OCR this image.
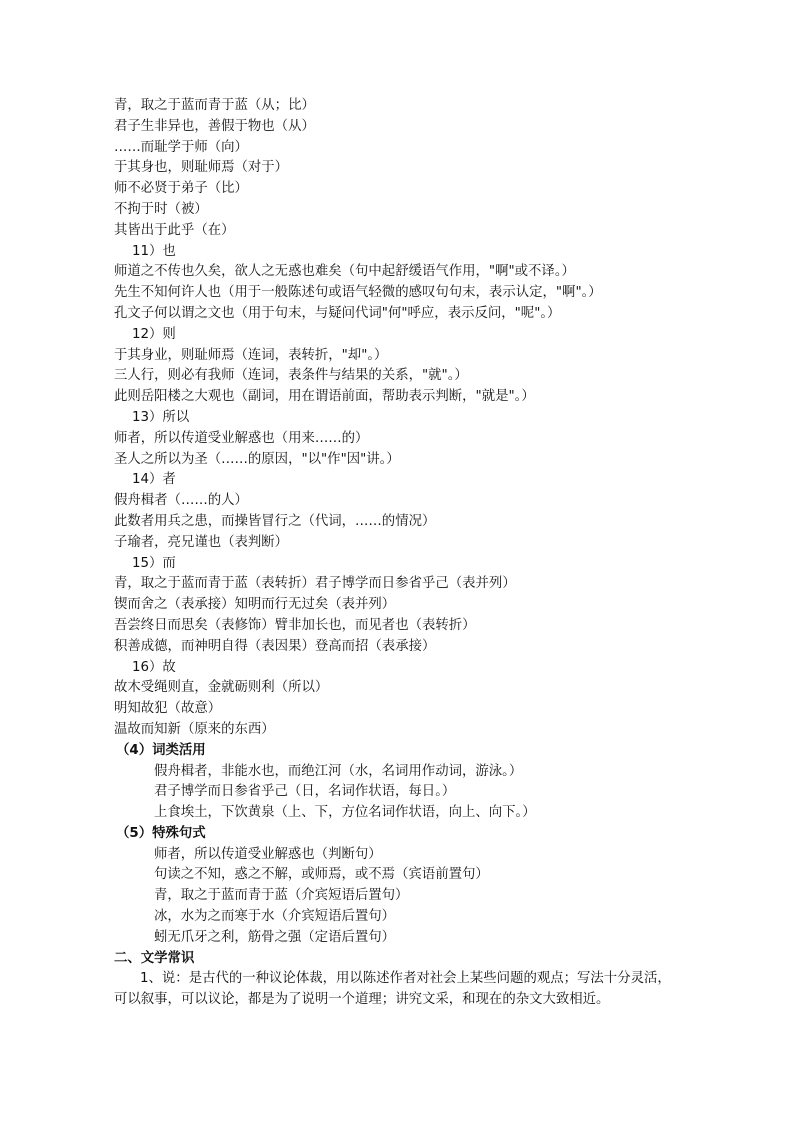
青，取之于蓝而青于蓝（从；比）
君子生非异也，善假于物也（从）
……而耻学于师（向）
于其身也，则耻师焉（对于）
师不必贤于弟子（比）
不拘于时（被）
其皆出于此乎（在）
11）也
师道之不传也久矣，欲人之无惑也难矣（句中起舒缓语气作用，"啊"或不译。）
先生不知何许人也（用于一般陈述句或语气轻微的感叹句句末，表示认定，"啊"。）
孔文子何以谓之文也（用于句末，与疑问代词"何"呼应，表示反问，"呢"。）
12）则
于其身业，则耻师焉（连词，表转折，"却"。）
三人行，则必有我师（连词，表条件与结果的关系，"就"。）
此则岳阳楼之大观也（副词，用在谓语前面，帮助表示判断，"就是"。）
13）所以
师者，所以传道受业解惑也（用来……的）
圣人之所以为圣（……的原因，"以"作"因"讲。）
14）者
假舟楫者（……的人）
此数者用兵之患，而操皆冒行之（代词，……的情况）
子瑜者，亮兄谨也（表判断）
15）而
青，取之于蓝而青于蓝（表转折）君子博学而日参省乎己（表并列）
锲而舍之（表承接）知明而行无过矣（表并列）
吾尝终日而思矣（表修饰）臂非加长也，而见者也（表转折）
积善成德，而神明自得（表因果）登高而招（表承接）
16）故
故木受绳则直，金就砺则利（所以）
明知故犯（故意）
温故而知新（原来的东西）
（4）词类活用
假舟楫者，非能水也，而绝江河（水，名词用作动词，游泳。）
君子博学而日参省乎己（日，名词作状语，每日。）
上食埃土，下饮黄泉（上、下，方位名词作状语，向上、向下。）
（5）特殊句式
师者，所以传道受业解惑也（判断句）
句读之不知，惑之不解，或师焉，或不焉（宾语前置句）
青，取之于蓝而青于蓝（介宾短语后置句）
冰，水为之而寒于水（介宾短语后置句）
蚓无爪牙之利，筋骨之强（定语后置句）
二、文学常识
1、说：是古代的一种议论体裁，用以陈述作者对社会上某些问题的观点；写法十分灵活，
可以叙事，可以议论，都是为了说明一个道理；讲究文采，和现在的杂文大致相近。
